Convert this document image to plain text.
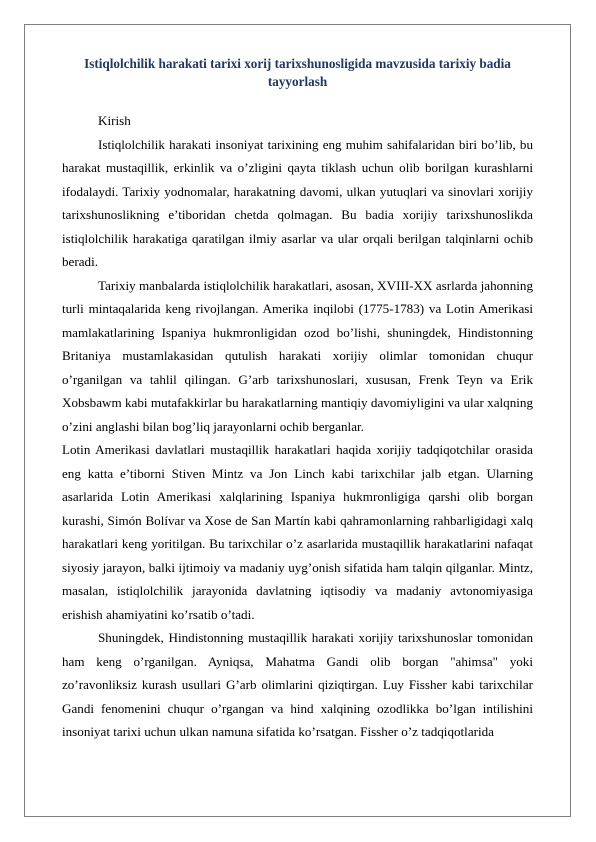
Istiqlolchilik harakati tarixi xorij tarixshunosligida mavzusida tarixiy badia tayyorlash

Kirish

Istiqlolchilik harakati insoniyat tarixining eng muhim sahifalaridan biri bo’lib, bu harakat mustaqillik, erkinlik va o’zligini qayta tiklash uchun olib borilgan kurashlarni ifodalaydi. Tarixiy yodnomalar, harakatning davomi, ulkan yutuqlari va sinovlari xorijiy tarixshunoslikning e’tiboridan chetda qolmagan. Bu badia xorijiy tarixshunoslikda istiqlolchilik harakatiga qaratilgan ilmiy asarlar va ular orqali berilgan talqinlarni ochib beradi.

Tarixiy manbalarda istiqlolchilik harakatlari, asosan, XVIII-XX asrlarda jahonning turli mintaqalarida keng rivojlangan. Amerika inqilobi (1775-1783) va Lotin Amerikasi mamlakatlarining Ispaniya hukmronligidan ozod bo’lishi, shuningdek, Hindistonning Britaniya mustamlakasidan qutulish harakati xorijiy olimlar tomonidan chuqur o’rganilgan va tahlil qilingan. G’arb tarixshunoslari, xususan, Frenk Teyn va Erik Xobsbawm kabi mutafakkirlar bu harakatlarning mantiqiy davomiyligini va ular xalqning o’zini anglashi bilan bog’liq jarayonlarni ochib berganlar.

Lotin Amerikasi davlatlari mustaqillik harakatlari haqida xorijiy tadqiqotchilar orasida eng katta e’tiborni Stiven Mintz va Jon Linch kabi tarixchilar jalb etgan. Ularning asarlarida Lotin Amerikasi xalqlarining Ispaniya hukmronligiga qarshi olib borgan kurashi, Simón Bolívar va Xose de San Martín kabi qahramonlarning rahbarligidagi xalq harakatlari keng yoritilgan. Bu tarixchilar o’z asarlarida mustaqillik harakatlarini nafaqat siyosiy jarayon, balki ijtimoiy va madaniy uyg’onish sifatida ham talqin qilganlar. Mintz, masalan, istiqlolchilik jarayonida davlatning iqtisodiy va madaniy avtonomiyasiga erishish ahamiyatini ko’rsatib o’tadi.

Shuningdek, Hindistonning mustaqillik harakati xorijiy tarixshunoslar tomonidan ham keng o’rganilgan. Ayniqsa, Mahatma Gandi olib borgan "ahimsa" yoki zo’ravonliksiz kurash usullari G’arb olimlarini qiziqtirgan. Luy Fissher kabi tarixchilar Gandi fenomenini chuqur o’rgangan va hind xalqining ozodlikka bo’lgan intilishini insoniyat tarixi uchun ulkan namuna sifatida ko’rsatgan. Fissher o’z tadqiqotlarida
